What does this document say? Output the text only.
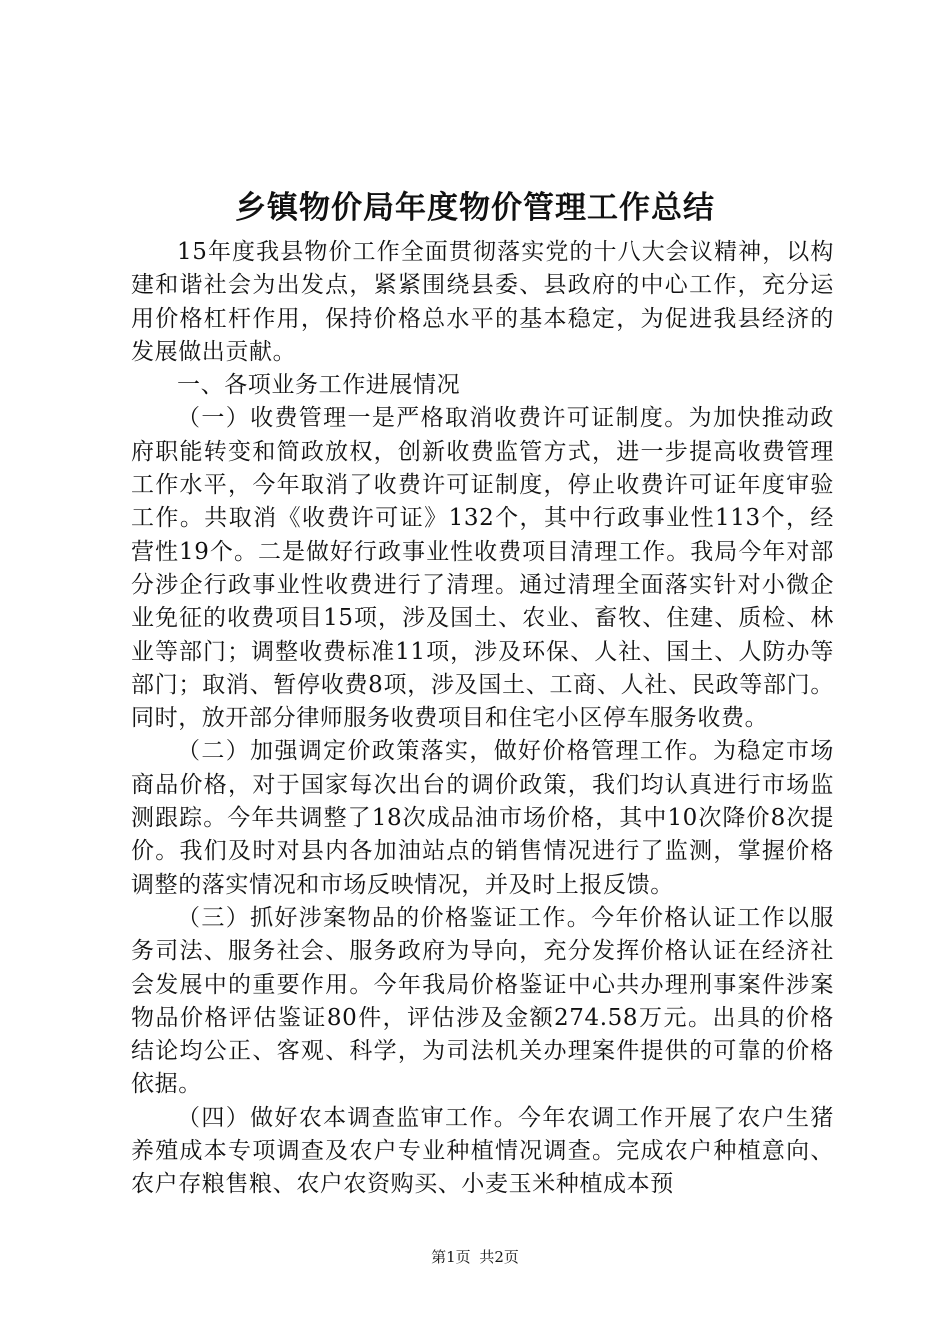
乡镇物价局年度物价管理工作总结

15年度我县物价工作全面贯彻落实党的十八大会议精神，以构建和谐社会为出发点，紧紧围绕县委、县政府的中心工作，充分运用价格杠杆作用，保持价格总水平的基本稳定，为促进我县经济的发展做出贡献。

一、各项业务工作进展情况

（一）收费管理一是严格取消收费许可证制度。为加快推动政府职能转变和简政放权，创新收费监管方式，进一步提高收费管理工作水平，今年取消了收费许可证制度，停止收费许可证年度审验工作。共取消《收费许可证》132个，其中行政事业性113个，经营性19个。二是做好行政事业性收费项目清理工作。我局今年对部分涉企行政事业性收费进行了清理。通过清理全面落实针对小微企业免征的收费项目15项，涉及国土、农业、畜牧、住建、质检、林业等部门；调整收费标准11项，涉及环保、人社、国土、人防办等部门；取消、暂停收费8项，涉及国土、工商、人社、民政等部门。同时，放开部分律师服务收费项目和住宅小区停车服务收费。

（二）加强调定价政策落实，做好价格管理工作。为稳定市场商品价格，对于国家每次出台的调价政策，我们均认真进行市场监测跟踪。今年共调整了18次成品油市场价格，其中10次降价8次提价。我们及时对县内各加油站点的销售情况进行了监测，掌握价格调整的落实情况和市场反映情况，并及时上报反馈。

（三）抓好涉案物品的价格鉴证工作。今年价格认证工作以服务司法、服务社会、服务政府为导向，充分发挥价格认证在经济社会发展中的重要作用。今年我局价格鉴证中心共办理刑事案件涉案物品价格评估鉴证80件，评估涉及金额274.58万元。出具的价格结论均公正、客观、科学，为司法机关办理案件提供的可靠的价格依据。

（四）做好农本调查监审工作。今年农调工作开展了农户生猪养殖成本专项调查及农户专业种植情况调查。完成农户种植意向、农户存粮售粮、农户农资购买、小麦玉米种植成本预

第1页 共2页
